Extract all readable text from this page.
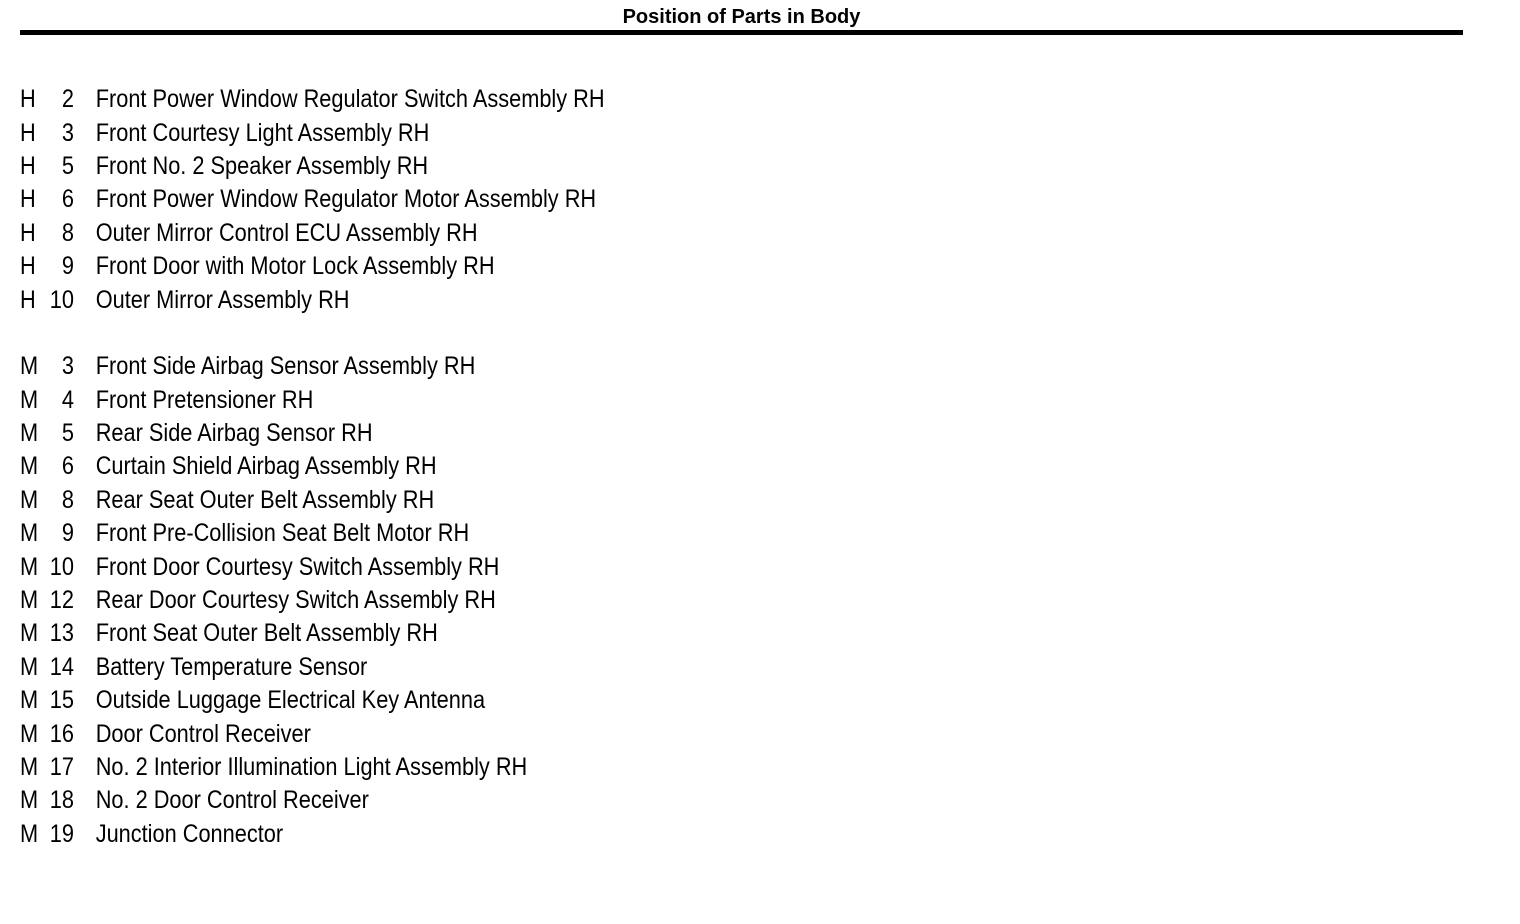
Position of Parts in Body
H	2 Front Power Window Regulator Switch Assembly RH
H	3 Front Courtesy Light Assembly RH
H	5 Front No. 2 Speaker Assembly RH
H	6 Front Power Window Regulator Motor Assembly RH
H	8 Outer Mirror Control ECU Assembly RH
H	9 Front Door with Motor Lock Assembly RH
H 10 Outer Mirror Assembly RH
M 3 Front Side Airbag Sensor Assembly RH
M 4 Front Pretensioner RH
M 5 Rear Side Airbag Sensor RH
M 6 Curtain Shield Airbag Assembly RH
M 8 Rear Seat Outer Belt Assembly RH
M 9 Front Pre-Collision Seat Belt Motor RH
M 10 Front Door Courtesy Switch Assembly RH
M 12 Rear Door Courtesy Switch Assembly RH
M 13 Front Seat Outer Belt Assembly RH
M 14 Battery Temperature Sensor
M 15 Outside Luggage Electrical Key Antenna
M 16 Door Control Receiver
M 17 No. 2 Interior Illumination Light Assembly RH
M 18 No. 2 Door Control Receiver
M 19 Junction Connector
